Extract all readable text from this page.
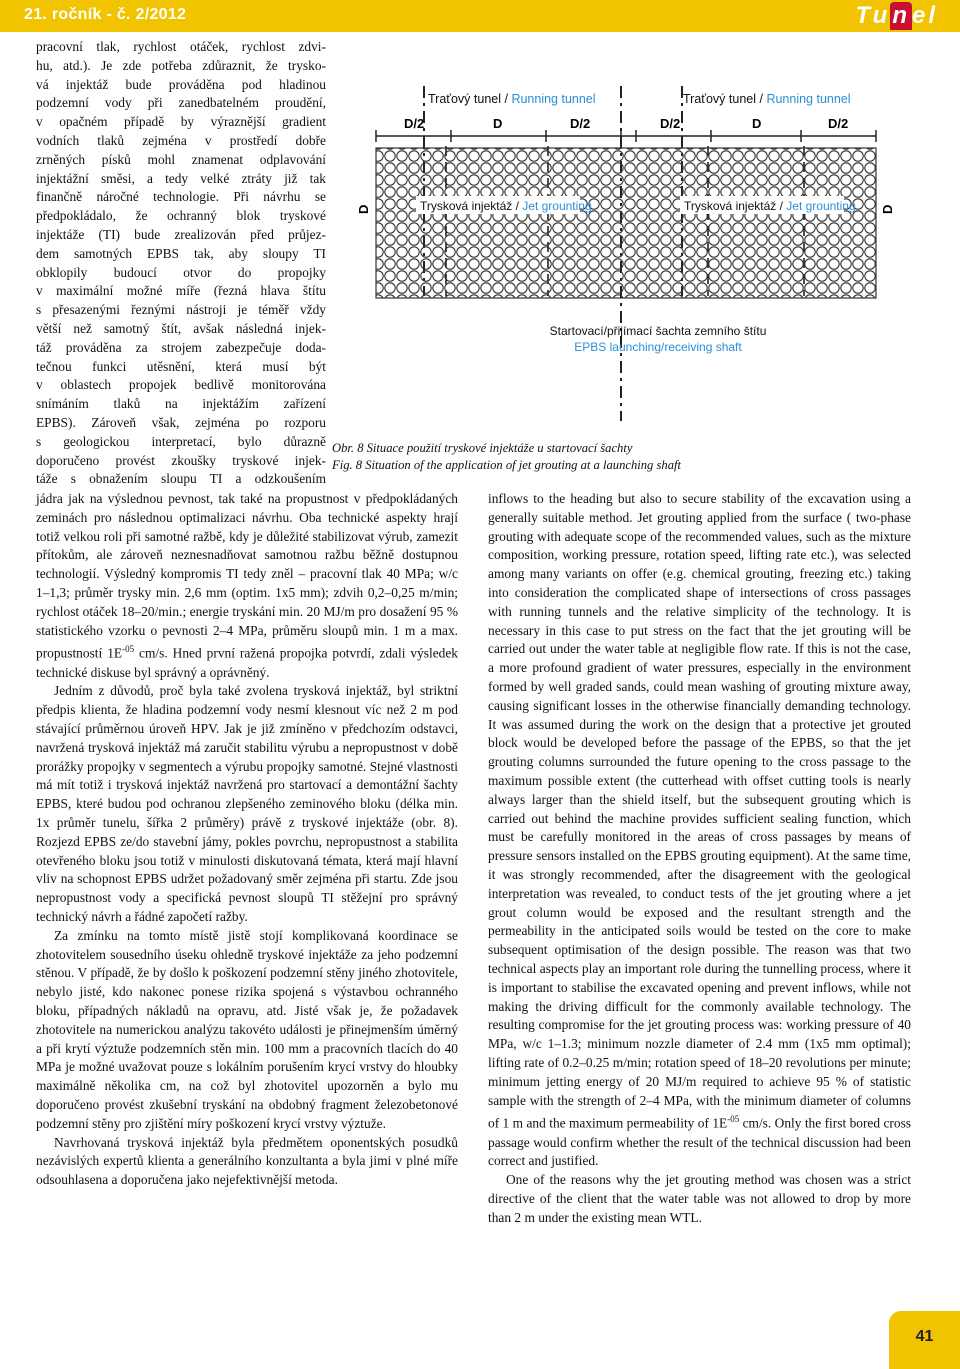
21. ročník - č. 2/2012	Tunel
pracovní tlak, rychlost otáček, rychlost zdvi-
hu, atd.). Je zde potřeba zdůraznit, že trysko-
vá injektáž bude prováděna pod hladinou
podzemní vody při zanedbatelném proudění,
v opačném případě by výraznější gradient
vodních tlaků zejména v prostředí dobře
zrněných písků mohl znamenat odplavování
injektážní směsi, a tedy velké ztráty již tak
finančně náročné technologie. Při návrhu se
předpokládalo, že ochranný blok tryskové
injektáže (TI) bude zrealizován před průjez-
dem samotných EPBS tak, aby sloupy TI
obklopily budoucí otvor do propojky
v maximální možné míře (řezná hlava štítu
s přesazenými řeznými nástroji je téměř vždy
větší než samotný štít, avšak následná injek-
táž prováděna za strojem zabezpečuje doda-
tečnou funkci utěsnění, která musí být
v oblastech propojek bedlivě monitorována
snímáním tlaků na injektážím zařízení
EPBS). Zároveň však, zejména po rozporu
s geologickou interpretací, bylo důrazně
doporučeno provést zkoušky tryskové injek-
táže s obnažením sloupu TI a odzkoušením
Traťový tunel / Running tunnel	Traťový tunel / Running tunnel
D/2	D	D/2	D/2	D	D/2
D	D
Trysková injektáž / Jet grounting	Trysková injektáž / Jet grounting
Startovací/přijímací šachta zemního štítu
EPBS launching/receiving shaft
Obr. 8 Situace použití tryskové injektáže u startovací šachty
Fig. 8 Situation of the application of jet grouting at a launching shaft

jádra jak na výslednou pevnost, tak také na propustnost v předpokládaných zeminách pro následnou optimalizaci návrhu. Oba technické aspekty hrají totiž velkou roli při samotné ražbě, kdy je důležité stabilizovat výrub, zamezit přítokům, ale zároveň neznesnadňovat samotnou ražbu běžně dostupnou technologií. Výsledný kompromis TI tedy zněl – pracovní tlak 40 MPa; w/c 1–1,3; průměr trysky min. 2,6 mm (optim. 1x5 mm); zdvih 0,2–0,25 m/min; rychlost otáček 18–20/min.; energie tryskání min. 20 MJ/m pro dosažení 95 % statistického vzorku o pevnosti 2–4 MPa, průměru sloupů min. 1 m a max. propustností $1E^{-05}$ cm/s. Hned první ražená propojka potvrdí, zdali výsledek technické diskuse byl správný a oprávněný.

Jedním z důvodů, proč byla také zvolena trysková injektáž, byl striktní předpis klienta, že hladina podzemní vody nesmí klesnout víc než 2 m pod stávající průměrnou úroveň HPV. Jak je již zmíněno v předchozím odstavci, navržená trysková injektáž má zaručit stabilitu výrubu a nepropustnost v době prorážky propojky v segmentech a výrubu propojky samotné. Stejné vlastnosti má mít totiž i trysková injektáž navržená pro startovací a demontážní šachty EPBS, které budou pod ochranou zlepšeného zeminového bloku (délka min. 1x průměr tunelu, šířka 2 průměry) právě z tryskové injektáže (obr. 8). Rozjezd EPBS ze/do stavební jámy, pokles povrchu, nepropustnost a stabilita otevřeného bloku jsou totiž v minulosti diskutovaná témata, která mají hlavní vliv na schopnost EPBS udržet požadovaný směr zejména při startu. Zde jsou nepropustnost vody a specifická pevnost sloupů TI stěžejní pro správný technický návrh a řádné započetí ražby.

Za zmínku na tomto místě jistě stojí komplikovaná koordinace se zhotovitelem sousedního úseku ohledně tryskové injektáže za jeho podzemní stěnou. V případě, že by došlo k poškození podzemní stěny jiného zhotovitele, nebylo jisté, kdo nakonec ponese rizika spojená s výstavbou ochranného bloku, případných nákladů na opravu, atd. Jisté však je, že požadavek zhotovitele na numerickou analýzu takovéto události je přinejmenším úměrný a při krytí výztuže podzemních stěn min. 100 mm a pracovních tlacích do 40 MPa je možné uvažovat pouze s lokálním porušením krycí vrstvy do hloubky maximálně několika cm, na což byl zhotovitel upozorněn a bylo mu doporučeno provést zkušební tryskání na obdobný fragment železobetonové podzemní stěny pro zjištění míry poškození krycí vrstvy výztuže.

Navrhovaná trysková injektáž byla předmětem oponentských posudků nezávislých expertů klienta a generálního konzultanta a byla jimi v plné míře odsouhlasena a doporučena jako nejefektivnější metoda.

inflows to the heading but also to secure stability of the excavation using a generally suitable method. Jet grouting applied from the surface ( two-phase grouting with adequate scope of the recommended values, such as the mixture composition, working pressure, rotation speed, lifting rate etc.), was selected among many variants on offer (e.g. chemical grouting, freezing etc.) taking into consideration the complicated shape of intersections of cross passages with running tunnels and the relative simplicity of the technology. It is necessary in this case to put stress on the fact that the jet grouting will be carried out under the water table at negligible flow rate. If this is not the case, a more profound gradient of water pressures, especially in the environment formed by well graded sands, could mean washing of grouting mixture away, causing significant losses in the otherwise financially demanding technology. It was assumed during the work on the design that a protective jet grouted block would be developed before the passage of the EPBS, so that the jet grouting columns surrounded the future opening to the cross passage to the maximum possible extent (the cutterhead with offset cutting tools is nearly always larger than the shield itself, but the subsequent grouting which is carried out behind the machine provides sufficient sealing function, which must be carefully monitored in the areas of cross passages by means of pressure sensors installed on the EPBS grouting equipment). At the same time, it was strongly recommended, after the disagreement with the geological interpretation was revealed, to conduct tests of the jet grouting where a jet grout column would be exposed and the resultant strength and the permeability in the anticipated soils would be tested on the core to make subsequent optimisation of the design possible. The reason was that two technical aspects play an important role during the tunnelling process, where it is important to stabilise the excavated opening and prevent inflows, while not making the driving difficult for the commonly available technology. The resulting compromise for the jet grouting process was: working pressure of 40 MPa, w/c 1–1.3; minimum nozzle diameter of 2.4 mm (1x5 mm optimal); lifting rate of 0.2–0.25 m/min; rotation speed of 18–20 revolutions per minute; minimum jetting energy of 20 MJ/m required to achieve 95 % of statistic sample with the strength of 2–4 MPa, with the minimum diameter of columns of 1 m and the maximum permeability of $1E^{-05}$ cm/s. Only the first bored cross passage would confirm whether the result of the technical discussion had been correct and justified.

One of the reasons why the jet grouting method was chosen was a strict directive of the client that the water table was not allowed to drop by more than 2 m under the existing mean WTL.

41
